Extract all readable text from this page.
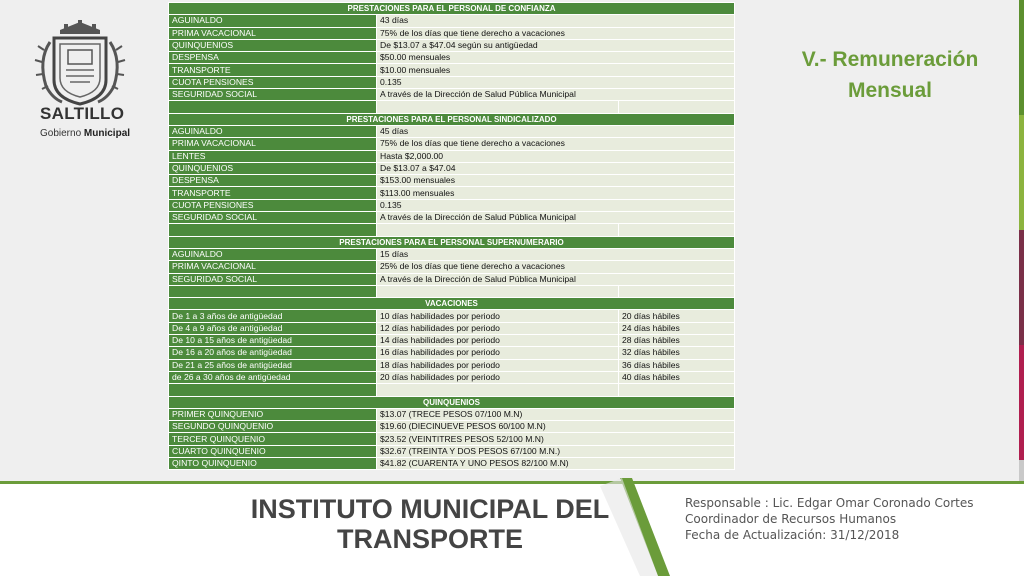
SALTILLO
Gobierno Municipal
V.- Remuneración
Mensual
PRESTACIONES PARA EL PERSONAL DE CONFIANZA		
AGUINALDO	43 días	
PRIMA VACACIONAL	75% de los días que tiene derecho a vacaciones	
QUINQUENIOS	De $13.07 a $47.04 según su antigüedad	
DESPENSA	$50.00 mensuales	
TRANSPORTE	$10.00 mensuales	
CUOTA PENSIONES	0.135	
SEGURIDAD SOCIAL	A través de la Dirección de Salud Pública Municipal	

PRESTACIONES PARA EL PERSONAL SINDICALIZADO		
AGUINALDO	45 días	
PRIMA VACACIONAL	75% de los días que tiene derecho a vacaciones	
LENTES	Hasta $2,000.00	
QUINQUENIOS	De $13.07 a $47.04	
DESPENSA	$153.00 mensuales	
TRANSPORTE	$113.00 mensuales	
CUOTA PENSIONES	0.135	
SEGURIDAD SOCIAL	A través de la Dirección de Salud Pública Municipal	

PRESTACIONES PARA EL PERSONAL SUPERNUMERARIO		
AGUINALDO	15 días	
PRIMA VACACIONAL	25% de los días que tiene derecho a vacaciones	
SEGURIDAD SOCIAL	A través de la Dirección de Salud Pública Municipal	

VACACIONES		
De 1 a 3 años de antigüedad	10 días habilidades por periodo	20 días hábiles
De 4 a 9 años de antigüedad	12 días habilidades por periodo	24 días hábiles
De 10 a 15 años de antigüedad	14 días habilidades por periodo	28 días hábiles
De 16 a 20 años de antigüedad	16 días habilidades por periodo	32 días hábiles
De 21 a 25 años de antigüedad	18 días habilidades por periodo	36 días hábiles
de 26 a 30 años de antigüedad	20 días habilidades por periodo	40 días hábiles

QUINQUENIOS		
PRIMER QUINQUENIO	$13.07 (TRECE PESOS 07/100 M.N)	
SEGUNDO QUINQUENIO	$19.60 (DIECINUEVE PESOS 60/100 M.N)	
TERCER QUINQUENIO	$23.52 (VEINTITRES PESOS 52/100 M.N)	
CUARTO QUINQUENIO	$32.67 (TREINTA Y DOS PESOS 67/100 M.N.)	
QINTO QUINQUENIO	$41.82 (CUARENTA Y UNO PESOS 82/100 M.N)	
INSTITUTO MUNICIPAL DEL
TRANSPORTE
Responsable : Lic. Edgar Omar Coronado Cortes
Coordinador de Recursos Humanos
Fecha de Actualización: 31/12/2018
